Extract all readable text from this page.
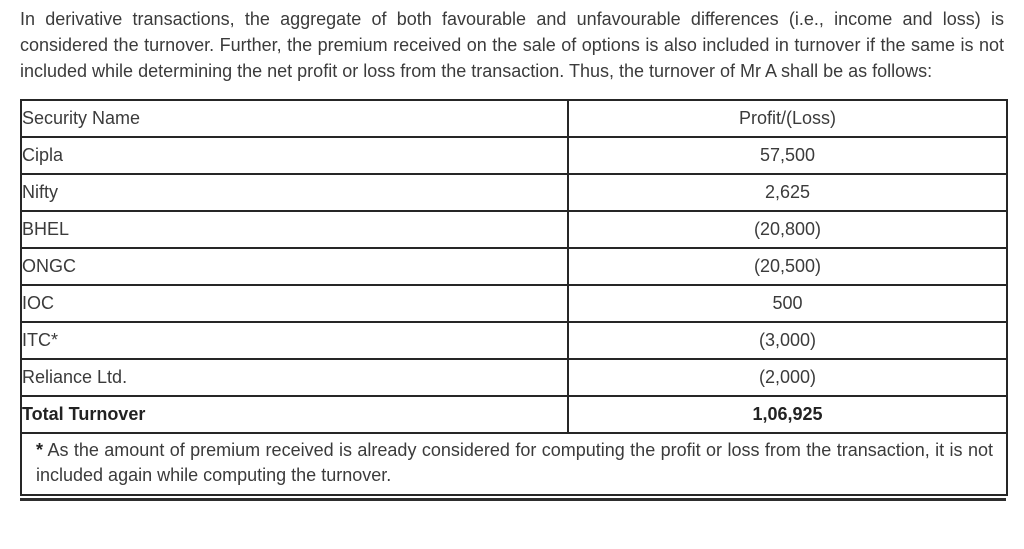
In derivative transactions, the aggregate of both favourable and unfavourable differences (i.e., income and loss) is considered the turnover. Further, the premium received on the sale of options is also included in turnover if the same is not included while determining the net profit or loss from the transaction. Thus, the turnover of Mr A shall be as follows:

Security Name	Profit/(Loss)
Cipla	57,500
Nifty	2,625
BHEL	(20,800)
ONGC	(20,500)
IOC	500
ITC*	(3,000)
Reliance Ltd.	(2,000)
Total Turnover	1,06,925
* As the amount of premium received is already considered for computing the profit or loss from the transaction, it is not included again while computing the turnover.	
